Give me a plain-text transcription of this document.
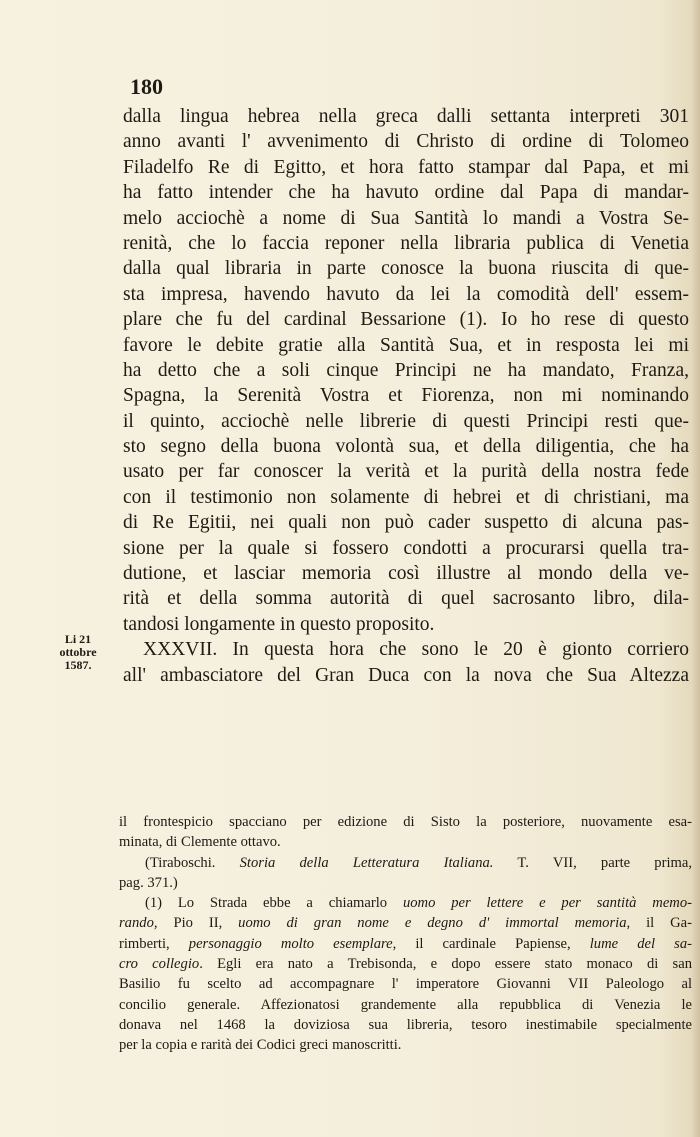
180
dalla lingua hebrea nella greca dalli settanta interpreti 301
anno avanti l' avvenimento di Christo di ordine di Tolomeo
Filadelfo Re di Egitto, et hora fatto stampar dal Papa, et mi
ha fatto intender che ha havuto ordine dal Papa di mandar-
melo acciochè a nome di Sua Santità lo mandi a Vostra Se-
renità, che lo faccia reponer nella libraria publica di Venetia
dalla qual libraria in parte conosce la buona riuscita di que-
sta impresa, havendo havuto da lei la comodità dell' essem-
plare che fu del cardinal Bessarione (1). Io ho rese di questo
favore le debite gratie alla Santità Sua, et in resposta lei mi
ha detto che a soli cinque Principi ne ha mandato, Franza,
Spagna, la Serenità Vostra et Fiorenza, non mi nominando
il quinto, acciochè nelle librerie di questi Principi resti que-
sto segno della buona volontà sua, et della diligentia, che ha
usato per far conoscer la verità et la purità della nostra fede
con il testimonio non solamente di hebrei et di christiani, ma
di Re Egitii, nei quali non può cader suspetto di alcuna pas-
sione per la quale si fossero condotti a procurarsi quella tra-
dutione, et lasciar memoria così illustre al mondo della ve-
rità et della somma autorità di quel sacrosanto libro, dila-
tandosi longamente in questo proposito.
XXXVII. In questa hora che sono le 20 è gionto corriero
all' ambasciatore del Gran Duca con la nova che Sua Altezza
Li 21
ottobre
1587.
il frontespicio spacciano per edizione di Sisto la posteriore, nuovamente esa-
minata, di Clemente ottavo.
(Tiraboschi. Storia della Letteratura Italiana. T. VII, parte prima,
pag. 371.)
(1) Lo Strada ebbe a chiamarlo uomo per lettere e per santità memo-
rando, Pio II, uomo di gran nome e degno d' immortal memoria, il Ga-
rimberti, personaggio molto esemplare, il cardinale Papiense, lume del sa-
cro collegio. Egli era nato a Trebisonda, e dopo essere stato monaco di san
Basilio fu scelto ad accompagnare l' imperatore Giovanni VII Paleologo al
concilio generale. Affezionatosi grandemente alla repubblica di Venezia le
donava nel 1468 la doviziosa sua libreria, tesoro inestimabile specialmente
per la copia e rarità dei Codici greci manoscritti.
